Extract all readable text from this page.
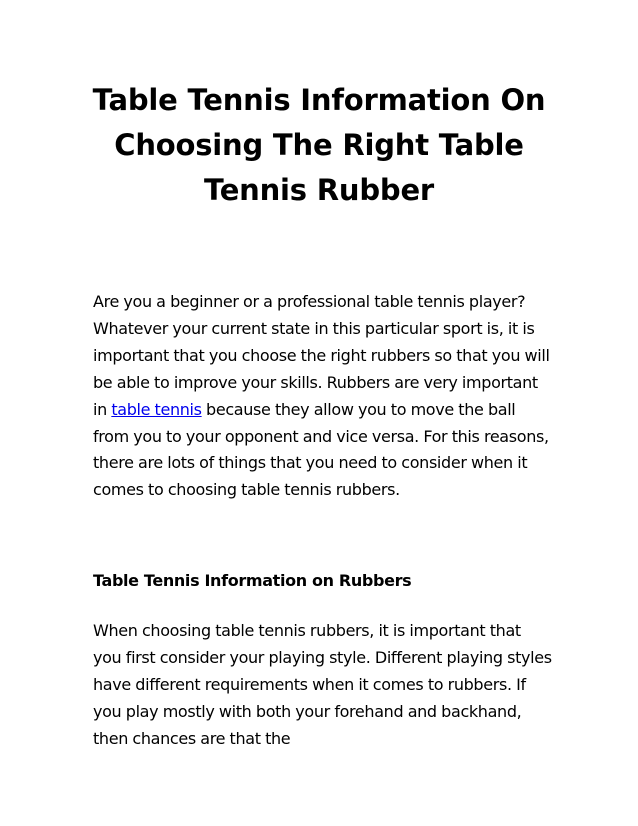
Table Tennis Information On
Choosing The Right Table
Tennis Rubber

Are you a beginner or a professional table tennis player? Whatever your current state in this particular sport is, it is important that you choose the right rubbers so that you will be able to improve your skills. Rubbers are very important in table tennis because they allow you to move the ball from you to your opponent and vice versa. For this reasons, there are lots of things that you need to consider when it comes to choosing table tennis rubbers.

Table Tennis Information on Rubbers

When choosing table tennis rubbers, it is important that you first consider your playing style. Different playing styles have different requirements when it comes to rubbers. If you play mostly with both your forehand and backhand, then chances are that the
